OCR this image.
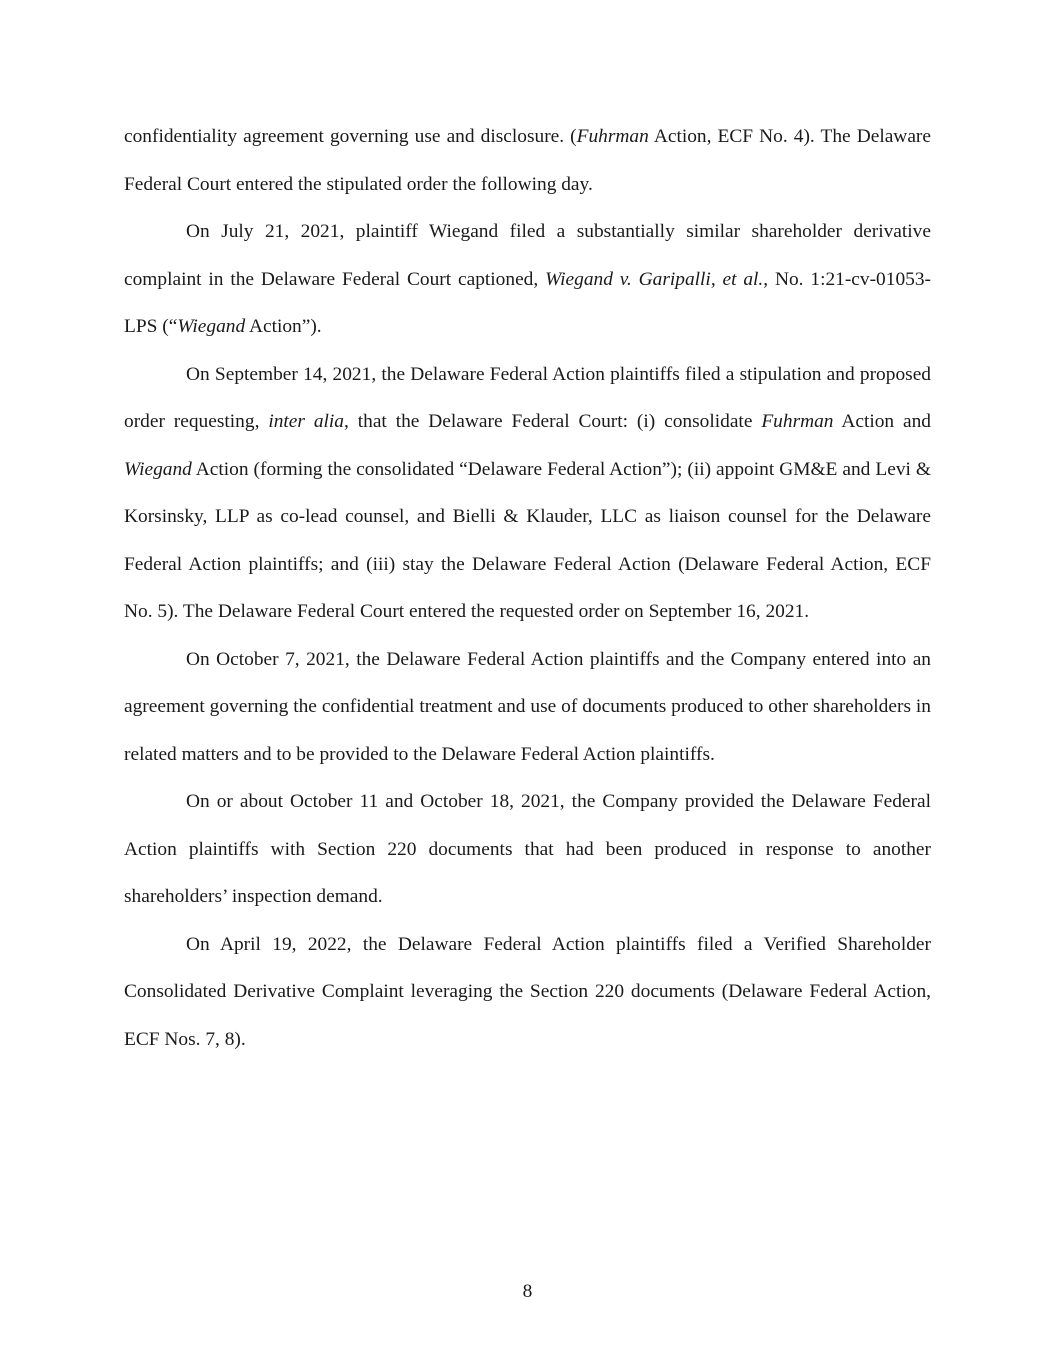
confidentiality agreement governing use and disclosure. (Fuhrman Action, ECF No. 4). The Delaware Federal Court entered the stipulated order the following day.

On July 21, 2021, plaintiff Wiegand filed a substantially similar shareholder derivative complaint in the Delaware Federal Court captioned, Wiegand v. Garipalli, et al., No. 1:21-cv-01053-LPS (“Wiegand Action”).

On September 14, 2021, the Delaware Federal Action plaintiffs filed a stipulation and proposed order requesting, inter alia, that the Delaware Federal Court: (i) consolidate Fuhrman Action and Wiegand Action (forming the consolidated “Delaware Federal Action”); (ii) appoint GM&E and Levi & Korsinsky, LLP as co-lead counsel, and Bielli & Klauder, LLC as liaison counsel for the Delaware Federal Action plaintiffs; and (iii) stay the Delaware Federal Action (Delaware Federal Action, ECF No. 5). The Delaware Federal Court entered the requested order on September 16, 2021.

On October 7, 2021, the Delaware Federal Action plaintiffs and the Company entered into an agreement governing the confidential treatment and use of documents produced to other shareholders in related matters and to be provided to the Delaware Federal Action plaintiffs.

On or about October 11 and October 18, 2021, the Company provided the Delaware Federal Action plaintiffs with Section 220 documents that had been produced in response to another shareholders’ inspection demand.

On April 19, 2022, the Delaware Federal Action plaintiffs filed a Verified Shareholder Consolidated Derivative Complaint leveraging the Section 220 documents (Delaware Federal Action, ECF Nos. 7, 8).

8
